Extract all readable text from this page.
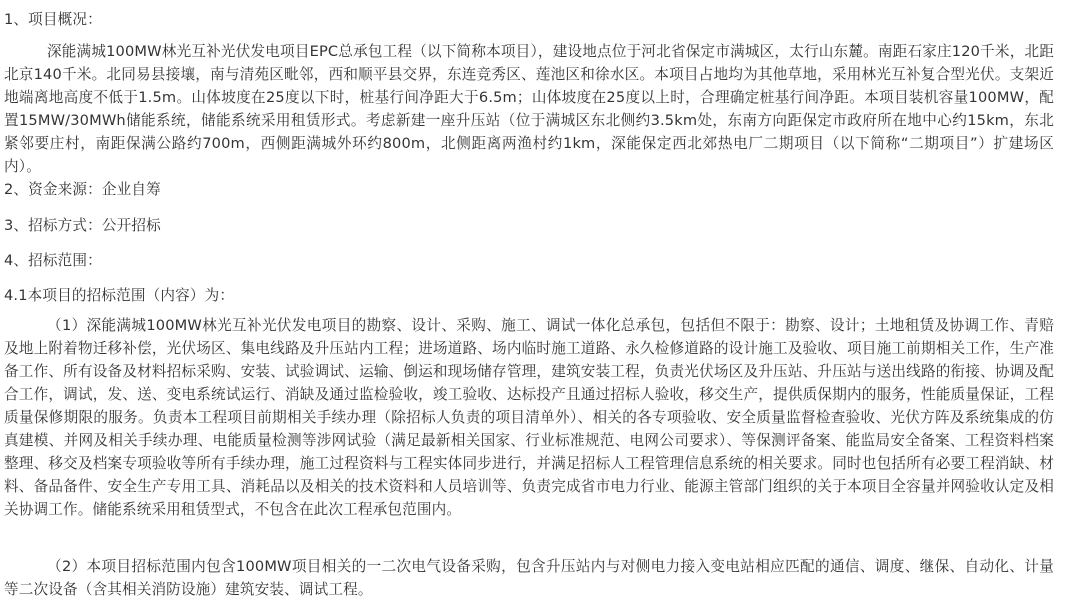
1、项目概况：

深能满城100MW林光互补光伏发电项目EPC总承包工程（以下简称本项目），建设地点位于河北省保定市满城区，太行山东麓。南距石家庄120千米，北距北京140千米。北同易县接壤，南与清苑区毗邻，西和顺平县交界，东连竞秀区、莲池区和徐水区。本项目占地均为其他草地，采用林光互补复合型光伏。支架近地端离地高度不低于1.5m。山体坡度在25度以下时，桩基行间净距大于6.5m；山体坡度在25度以上时，合理确定桩基行间净距。本项目装机容量100MW，配置15MW/30MWh储能系统，储能系统采用租赁形式。考虑新建一座升压站（位于满城区东北侧约3.5km处，东南方向距保定市政府所在地中心约15km，东北紧邻要庄村，南距保满公路约700m，西侧距满城外环约800m，北侧距离两渔村约1km，深能保定西北郊热电厂二期项目（以下简称“二期项目”）扩建场区内）。

2、资金来源：企业自筹

3、招标方式：公开招标

4、招标范围：

4.1本项目的招标范围（内容）为：

（1）深能满城100MW林光互补光伏发电项目的勘察、设计、采购、施工、调试一体化总承包，包括但不限于：勘察、设计；土地租赁及协调工作、青赔及地上附着物迁移补偿，光伏场区、集电线路及升压站内工程；进场道路、场内临时施工道路、永久检修道路的设计施工及验收、项目施工前期相关工作，生产准备工作、所有设备及材料招标采购、安装、试验调试、运输、倒运和现场储存管理，建筑安装工程，负责光伏场区及升压站、升压站与送出线路的衔接、协调及配合工作，调试，发、送、变电系统试运行、消缺及通过监检验收，竣工验收、达标投产且通过招标人验收，移交生产，提供质保期内的服务，性能质量保证，工程质量保修期限的服务。负责本工程项目前期相关手续办理（除招标人负责的项目清单外）、相关的各专项验收、安全质量监督检查验收、光伏方阵及系统集成的仿真建模、并网及相关手续办理、电能质量检测等涉网试验（满足最新相关国家、行业标准规范、电网公司要求）、等保测评备案、能监局安全备案、工程资料档案整理、移交及档案专项验收等所有手续办理，施工过程资料与工程实体同步进行，并满足招标人工程管理信息系统的相关要求。同时也包括所有必要工程消缺、材料、备品备件、安全生产专用工具、消耗品以及相关的技术资料和人员培训等、负责完成省市电力行业、能源主管部门组织的关于本项目全容量并网验收认定及相关协调工作。储能系统采用租赁型式，不包含在此次工程承包范围内。

（2）本项目招标范围内包含100MW项目相关的一二次电气设备采购，包含升压站内与对侧电力接入变电站相应匹配的通信、调度、继保、自动化、计量等二次设备（含其相关消防设施）建筑安装、调试工程。
